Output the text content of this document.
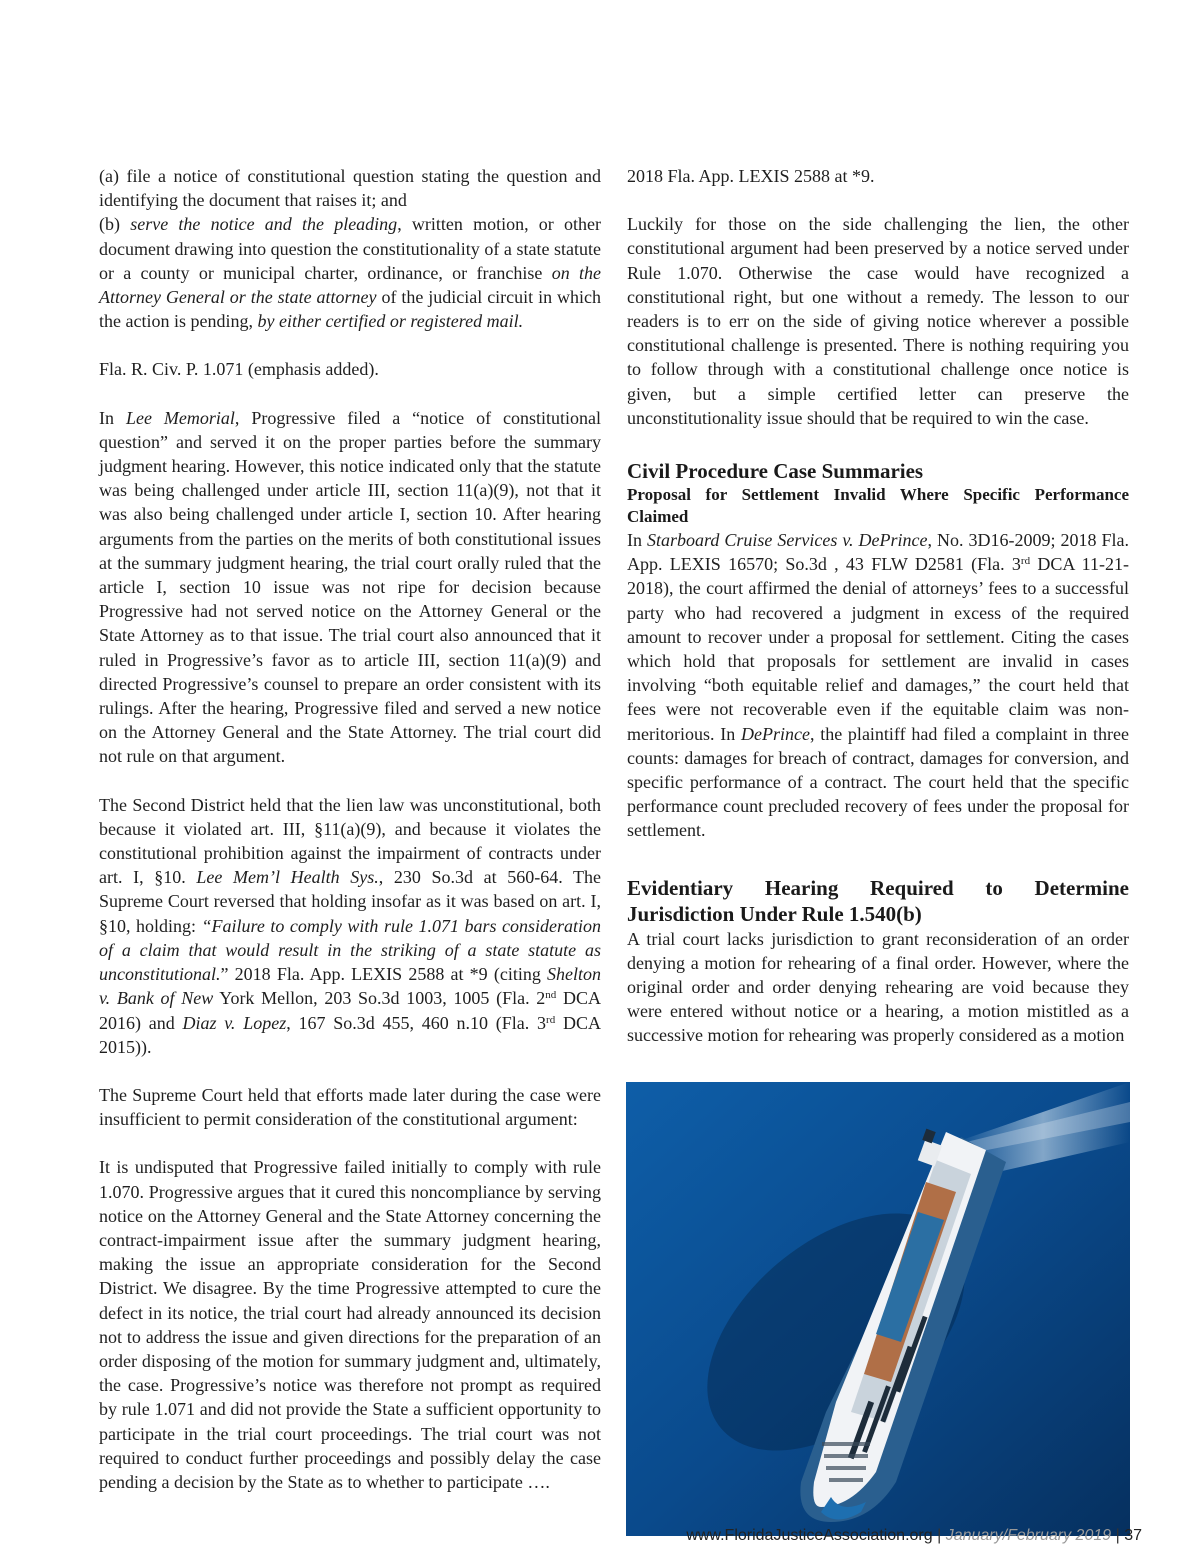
(a) file a notice of constitutional question stating the question and identifying the document that raises it; and

(b) serve the notice and the pleading, written motion, or other document drawing into question the constitutionality of a state statute or a county or municipal charter, ordinance, or franchise on the Attorney General or the state attorney of the judicial circuit in which the action is pending, by either certified or registered mail.

Fla. R. Civ. P. 1.071 (emphasis added).

In Lee Memorial, Progressive filed a “notice of constitutional question” and served it on the proper parties before the summary judgment hearing. However, this notice indicated only that the statute was being challenged under article III, section 11(a)(9), not that it was also being challenged under article I, section 10. After hearing arguments from the parties on the merits of both constitutional issues at the summary judgment hearing, the trial court orally ruled that the article I, section 10 issue was not ripe for decision because Progressive had not served notice on the Attorney General or the State Attorney as to that issue. The trial court also announced that it ruled in Progressive’s favor as to article III, section 11(a)(9) and directed Progressive’s counsel to prepare an order consistent with its rulings. After the hearing, Progressive filed and served a new notice on the Attorney General and the State Attorney. The trial court did not rule on that argument.

The Second District held that the lien law was unconstitutional, both because it violated art. III, §11(a)(9), and because it violates the constitutional prohibition against the impairment of contracts under art. I, §10. Lee Mem’l Health Sys., 230 So.3d at 560-64. The Supreme Court reversed that holding insofar as it was based on art. I, §10, holding: “Failure to comply with rule 1.071 bars consideration of a claim that would result in the striking of a state statute as unconstitutional.” 2018 Fla. App. LEXIS 2588 at *9 (citing Shelton v. Bank of New York Mellon, 203 So.3d 1003, 1005 (Fla. 2nd DCA 2016) and Diaz v. Lopez, 167 So.3d 455, 460 n.10 (Fla. 3rd DCA 2015)).

The Supreme Court held that efforts made later during the case were insufficient to permit consideration of the constitutional argument:

It is undisputed that Progressive failed initially to comply with rule 1.070. Progressive argues that it cured this noncompliance by serving notice on the Attorney General and the State Attorney concerning the contract-impairment issue after the summary judgment hearing, making the issue an appropriate consideration for the Second District. We disagree. By the time Progressive attempted to cure the defect in its notice, the trial court had already announced its decision not to address the issue and given directions for the preparation of an order disposing of the motion for summary judgment and, ultimately, the case. Progressive’s notice was therefore not prompt as required by rule 1.071 and did not provide the State a sufficient opportunity to participate in the trial court proceedings. The trial court was not required to conduct further proceedings and possibly delay the case pending a decision by the State as to whether to participate ….

2018 Fla. App. LEXIS 2588 at *9.

Luckily for those on the side challenging the lien, the other constitutional argument had been preserved by a notice served under Rule 1.070. Otherwise the case would have recognized a constitutional right, but one without a remedy. The lesson to our readers is to err on the side of giving notice wherever a possible constitutional challenge is presented. There is nothing requiring you to follow through with a constitutional challenge once notice is given, but a simple certified letter can preserve the unconstitutionality issue should that be required to win the case.

Civil Procedure Case Summaries
Proposal for Settlement Invalid Where Specific Performance Claimed

In Starboard Cruise Services v. DePrince, No. 3D16-2009; 2018 Fla. App. LEXIS 16570; So.3d , 43 FLW D2581 (Fla. 3rd DCA 11-21-2018), the court affirmed the denial of attorneys’ fees to a successful party who had recovered a judgment in excess of the required amount to recover under a proposal for settlement. Citing the cases which hold that proposals for settlement are invalid in cases involving “both equitable relief and damages,” the court held that fees were not recoverable even if the equitable claim was non-meritorious. In DePrince, the plaintiff had filed a complaint in three counts: damages for breach of contract, damages for conversion, and specific performance of a contract. The court held that the specific performance count precluded recovery of fees under the proposal for settlement.

Evidentiary Hearing Required to Determine Jurisdiction Under Rule 1.540(b)

A trial court lacks jurisdiction to grant reconsideration of an order denying a motion for rehearing of a final order. However, where the original order and order denying rehearing are void because they were entered without notice or a hearing, a motion mistitled as a successive motion for rehearing was properly considered as a motion

www.FloridaJusticeAssociation.org | January/February 2019 | 37
